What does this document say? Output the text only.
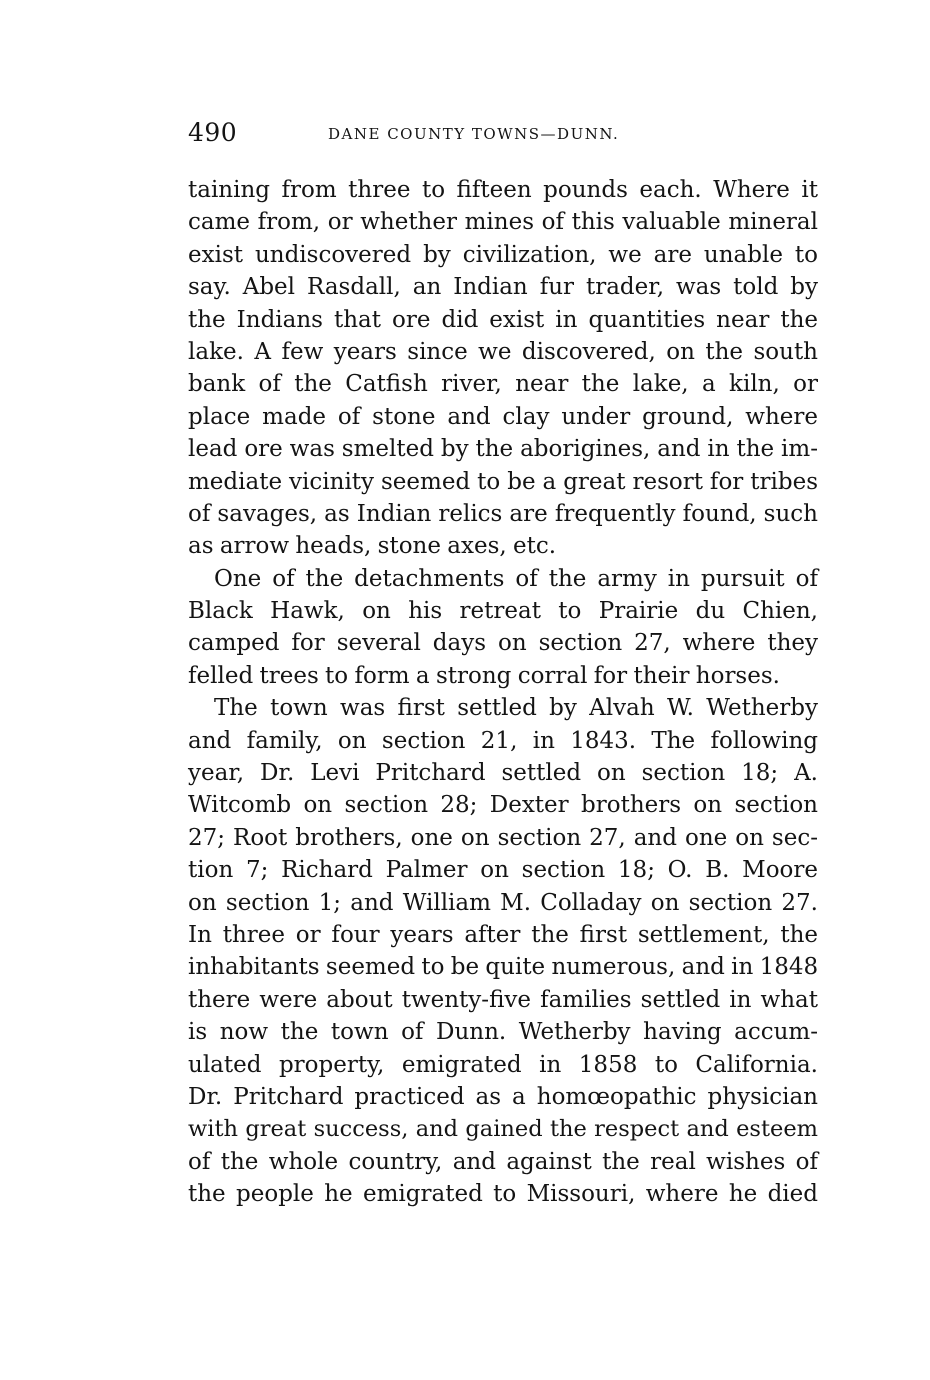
490	DANE COUNTY TOWNS—DUNN.
taining from three to fifteen pounds each. Where it
came from, or whether mines of this valuable mineral
exist undiscovered by civilization, we are unable to
say. Abel Rasdall, an Indian fur trader, was told by
the Indians that ore did exist in quantities near the
lake. A few years since we discovered, on the south
bank of the Catfish river, near the lake, a kiln, or
place made of stone and clay under ground, where
lead ore was smelted by the aborigines, and in the im-
mediate vicinity seemed to be a great resort for tribes
of savages, as Indian relics are frequently found, such
as arrow heads, stone axes, etc.
One of the detachments of the army in pursuit of
Black Hawk, on his retreat to Prairie du Chien,
camped for several days on section 27, where they
felled trees to form a strong corral for their horses.
The town was first settled by Alvah W. Wetherby
and family, on section 21, in 1843. The following
year, Dr. Levi Pritchard settled on section 18; A.
Witcomb on section 28; Dexter brothers on section
27; Root brothers, one on section 27, and one on sec-
tion 7; Richard Palmer on section 18; O. B. Moore
on section 1; and William M. Colladay on section 27.
In three or four years after the first settlement, the
inhabitants seemed to be quite numerous, and in 1848
there were about twenty-five families settled in what
is now the town of Dunn. Wetherby having accum-
ulated property, emigrated in 1858 to California.
Dr. Pritchard practiced as a homœopathic physician
with great success, and gained the respect and esteem
of the whole country, and against the real wishes of
the people he emigrated to Missouri, where he died
